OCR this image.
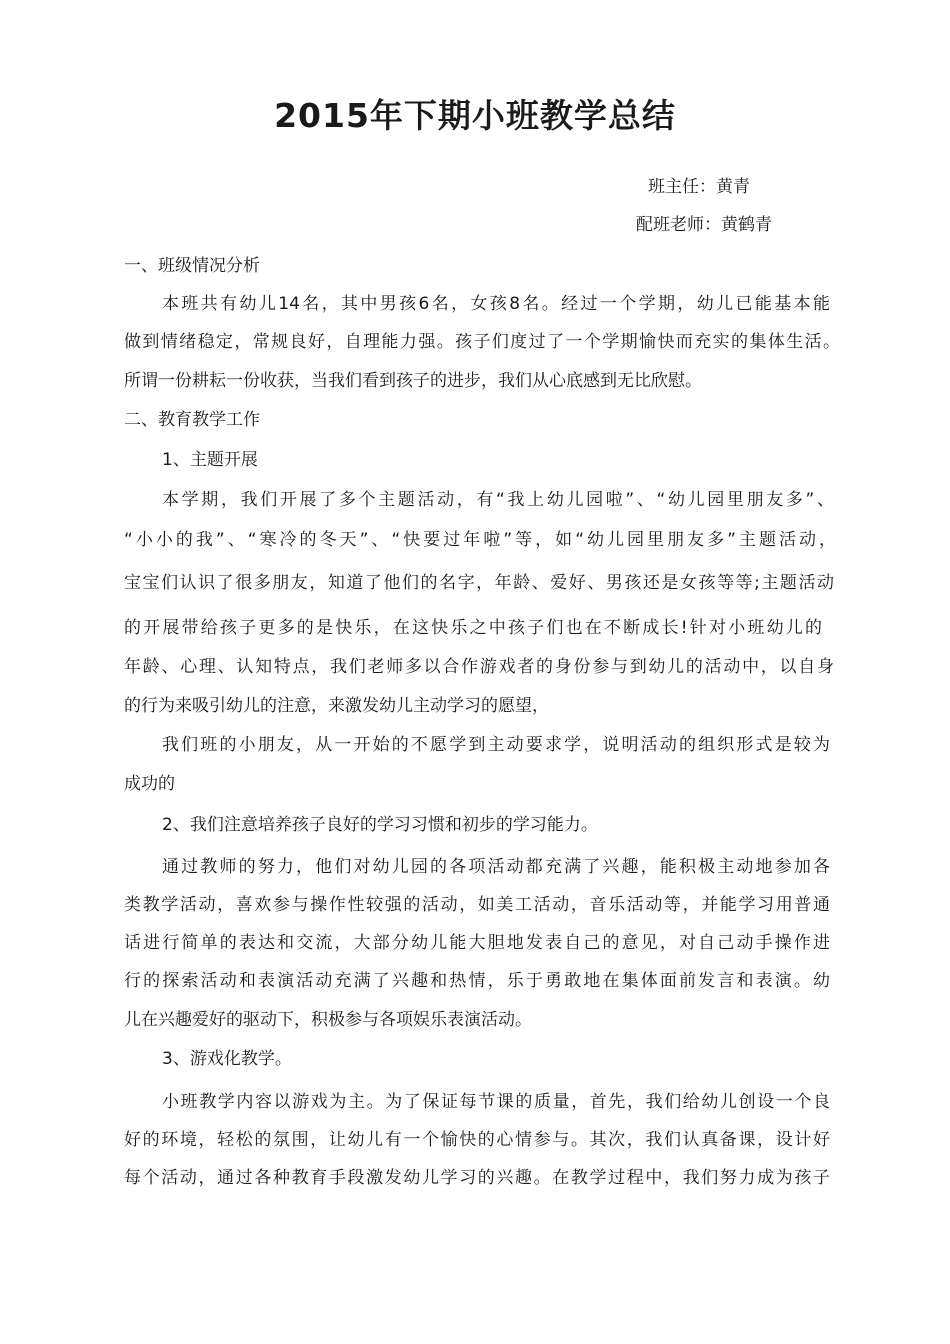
2015年下期小班教学总结
班主任：黄青
配班老师：黄鹤青
一、班级情况分析
本班共有幼儿14名，其中男孩6名，女孩8名。经过一个学期，幼儿已能基本能
做到情绪稳定，常规良好，自理能力强。孩子们度过了一个学期愉快而充实的集体生活。
所谓一份耕耘一份收获，当我们看到孩子的进步，我们从心底感到无比欣慰。
二、教育教学工作
1、主题开展
本学期，我们开展了多个主题活动，有“我上幼儿园啦”、“幼儿园里朋友多”、
“小小的我”、“寒冷的冬天”、“快要过年啦”等，如“幼儿园里朋友多”主题活动，
宝宝们认识了很多朋友，知道了他们的名字，年龄、爱好、男孩还是女孩等等;主题活动
的开展带给孩子更多的是快乐，在这快乐之中孩子们也在不断成长!针对小班幼儿的
年龄、心理、认知特点，我们老师多以合作游戏者的身份参与到幼儿的活动中，以自身
的行为来吸引幼儿的注意，来激发幼儿主动学习的愿望，
我们班的小朋友，从一开始的不愿学到主动要求学，说明活动的组织形式是较为
成功的
2、我们注意培养孩子良好的学习习惯和初步的学习能力。
通过教师的努力，他们对幼儿园的各项活动都充满了兴趣，能积极主动地参加各
类教学活动，喜欢参与操作性较强的活动，如美工活动，音乐活动等，并能学习用普通
话进行简单的表达和交流，大部分幼儿能大胆地发表自己的意见，对自己动手操作进
行的探索活动和表演活动充满了兴趣和热情，乐于勇敢地在集体面前发言和表演。幼
儿在兴趣爱好的驱动下，积极参与各项娱乐表演活动。
3、游戏化教学。
小班教学内容以游戏为主。为了保证每节课的质量，首先，我们给幼儿创设一个良
好的环境，轻松的氛围，让幼儿有一个愉快的心情参与。其次，我们认真备课，设计好
每个活动，通过各种教育手段激发幼儿学习的兴趣。在教学过程中，我们努力成为孩子
